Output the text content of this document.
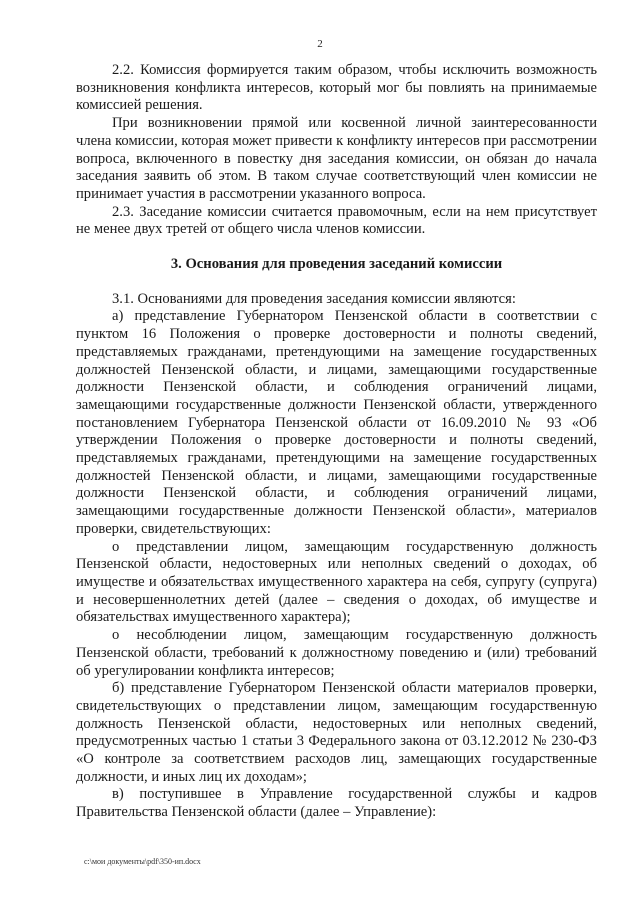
2

2.2. Комиссия формируется таким образом, чтобы исключить возможность возникновения конфликта интересов, который мог бы повлиять на принимаемые комиссией решения.

При возникновении прямой или косвенной личной заинтересованности члена комиссии, которая может привести к конфликту интересов при рассмотрении вопроса, включенного в повестку дня заседания комиссии, он обязан до начала заседания заявить об этом. В таком случае соответствующий член комиссии не принимает участия в рассмотрении указанного вопроса.

2.3. Заседание комиссии считается правомочным, если на нем присутствует не менее двух третей от общего числа членов комиссии.

3. Основания для проведения заседаний комиссии

3.1. Основаниями для проведения заседания комиссии являются:

а) представление Губернатором Пензенской области в соответствии с пунктом 16 Положения о проверке достоверности и полноты сведений, представляемых гражданами, претендующими на замещение государственных должностей Пензенской области, и лицами, замещающими государственные должности Пензенской области, и соблюдения ограничений лицами, замещающими государственные должности Пензенской области, утвержденного постановлением Губернатора Пензенской области от 16.09.2010 № 93 «Об утверждении Положения о проверке достоверности и полноты сведений, представляемых гражданами, претендующими на замещение государственных должностей Пензенской области, и лицами, замещающими государственные должности Пензенской области, и соблюдения ограничений лицами, замещающими государственные должности Пензенской области», материалов проверки, свидетельствующих:

о представлении лицом, замещающим государственную должность Пензенской области, недостоверных или неполных сведений о доходах, об имуществе и обязательствах имущественного характера на себя, супругу (супруга) и несовершеннолетних детей (далее – сведения о доходах, об имуществе и обязательствах имущественного характера);

о несоблюдении лицом, замещающим государственную должность Пензенской области, требований к должностному поведению и (или) требований об урегулировании конфликта интересов;

б) представление Губернатором Пензенской области материалов проверки, свидетельствующих о представлении лицом, замещающим государственную должность Пензенской области, недостоверных или неполных сведений, предусмотренных частью 1 статьи 3 Федерального закона от 03.12.2012 № 230-ФЗ «О контроле за соответствием расходов лиц, замещающих государственные должности, и иных лиц их доходам»;

в) поступившее в Управление государственной службы и кадров Правительства Пензенской области (далее – Управление):

c:\мои документы\pdf\350-ип.docx
